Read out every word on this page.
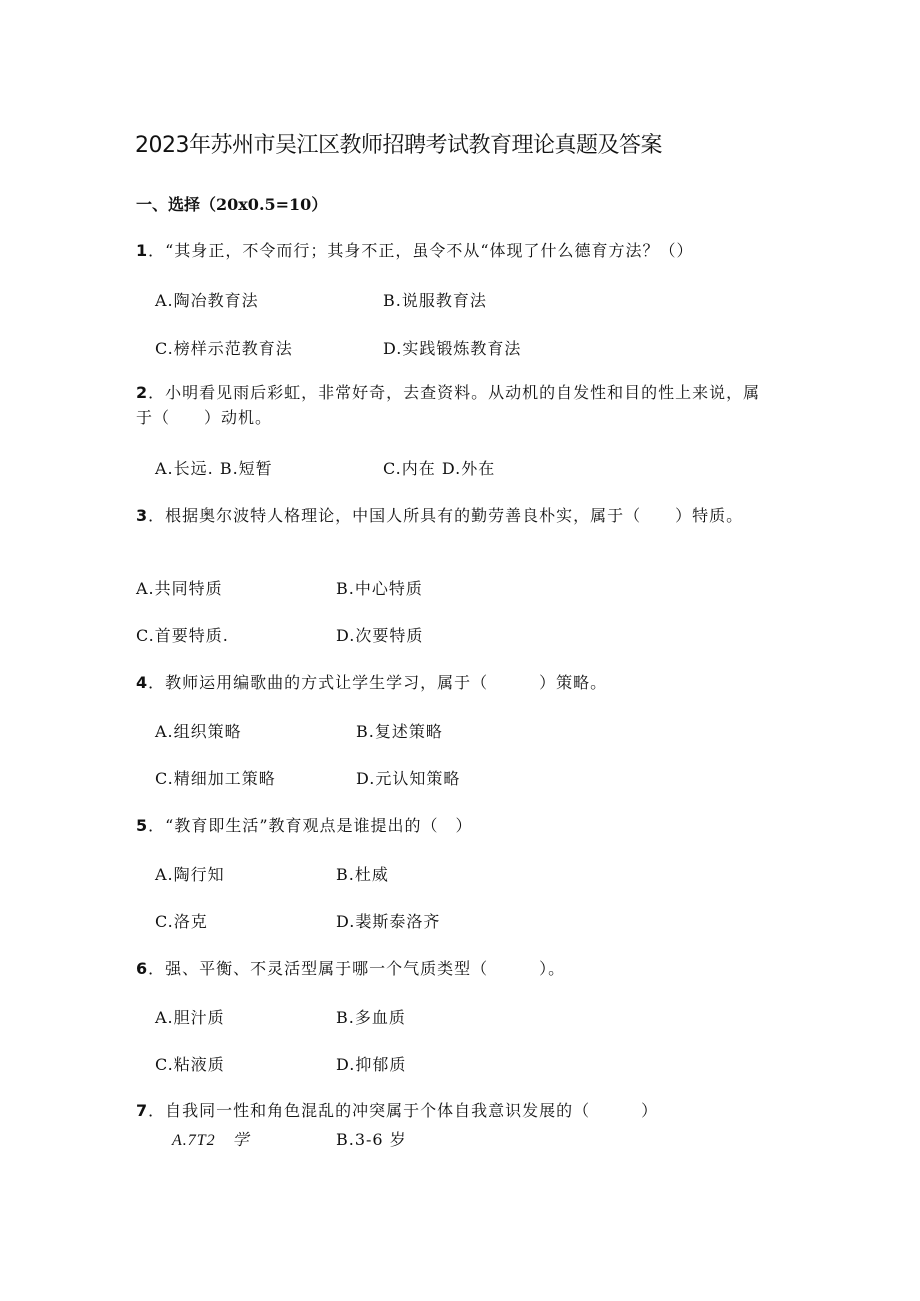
2023年苏州市吴江区教师招聘考试教育理论真题及答案
一、选择（20x0.5=10）
1．“其身正，不令而行；其身不正，虽令不从“体现了什么德育方法？（）
A.陶冶教育法	B.说服教育法
C.榜样示范教育法	D.实践锻炼教育法
2．小明看见雨后彩虹，非常好奇，去查资料。从动机的自发性和目的性上来说，属于（　　）动机。
A.长远. B.短暂	C.内在 D.外在
3．根据奥尔波特人格理论，中国人所具有的勤劳善良朴实，属于（　　）特质。
A.共同特质	B.中心特质
C.首要特质.	D.次要特质
4．教师运用编歌曲的方式让学生学习，属于（　　　）策略。
A.组织策略	B.复述策略
C.精细加工策略	D.元认知策略
5．“教育即生活”教育观点是谁提出的（　）
A.陶行知	B.杜威
C.洛克	D.裴斯泰洛齐
6．强、平衡、不灵活型属于哪一个气质类型（　　　）。
A.胆汁质	B.多血质
C.粘液质	D.抑郁质
7．自我同一性和角色混乱的冲突属于个体自我意识发展的（　　　）
A.7T2　学	B.3-6 岁
